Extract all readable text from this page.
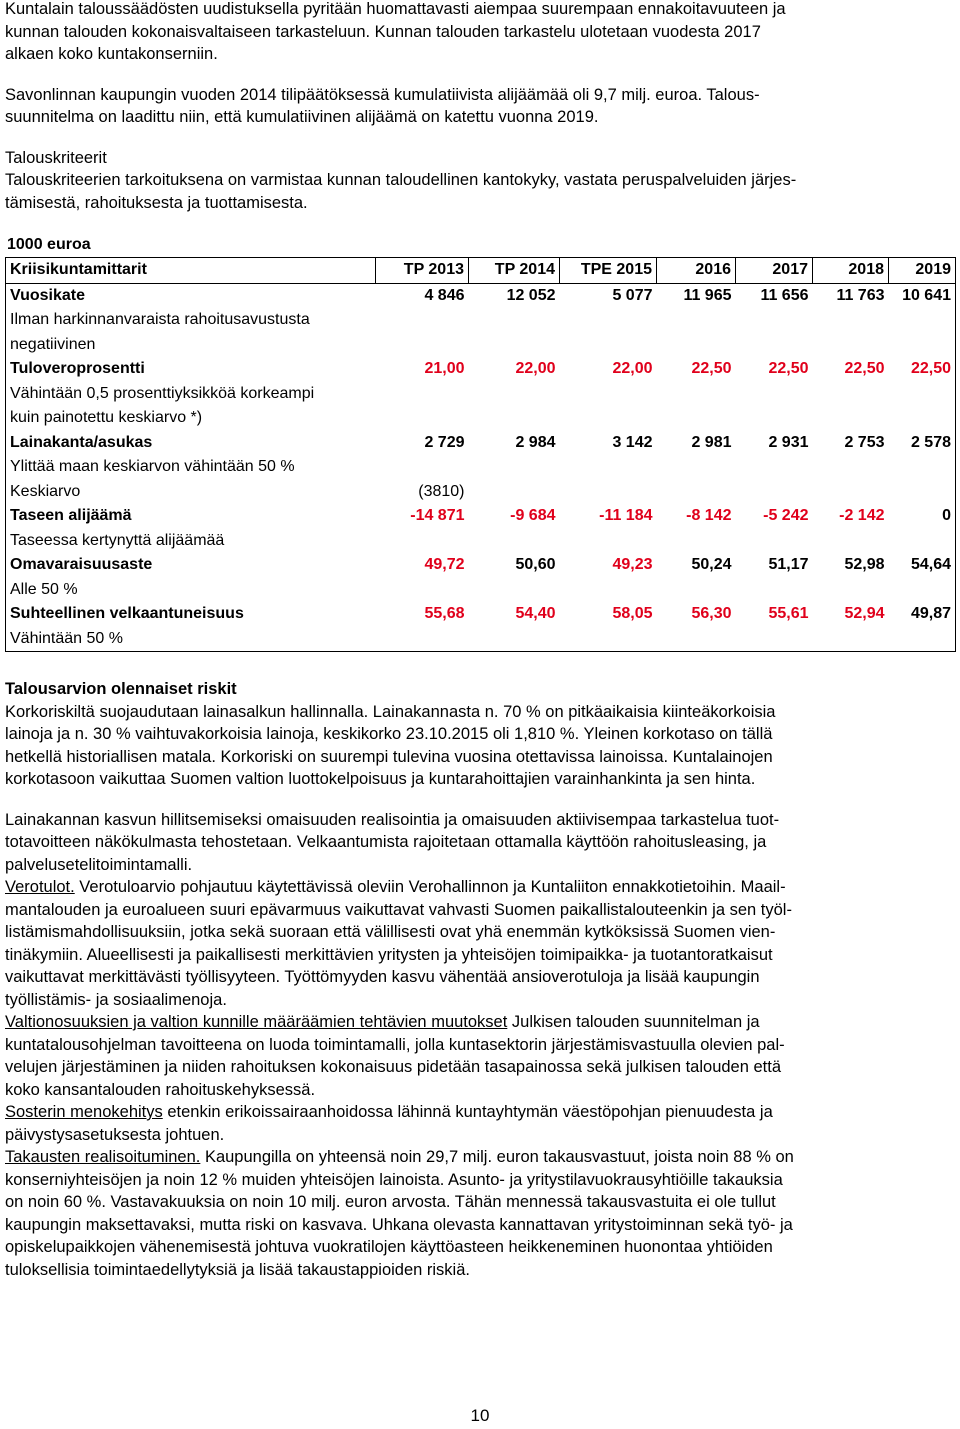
Kuntalain taloussäädösten uudistuksella pyritään huomattavasti aiempaa suurempaan ennakoitavuuteen ja
kunnan talouden kokonaisvaltaiseen tarkasteluun. Kunnan talouden tarkastelu ulotetaan vuodesta 2017
alkaen koko kuntakonserniin.

Savonlinnan kaupungin vuoden 2014 tilipäätöksessä kumulatiivista alijäämää oli 9,7 milj. euroa. Talous-
suunnitelma on laadittu niin, että kumulatiivinen alijäämä on katettu vuonna 2019.

Talouskriteerit
Talouskriteerien tarkoituksena on varmistaa kunnan taloudellinen kantokyky, vastata peruspalveluiden järjes-
tämisestä, rahoituksesta ja tuottamisesta.

1000 euroa
Kriisikuntamittarit	TP 2013	TP 2014	TPE 2015	2016	2017	2018	2019
Vuosikate	4 846	12 052	5 077	11 965	11 656	11 763	10 641
Ilman harkinnanvaraista rahoitusavustusta							
negatiivinen							
Tuloveroprosentti	21,00	22,00	22,00	22,50	22,50	22,50	22,50
Vähintään 0,5 prosenttiyksikköä korkeampi							
kuin painotettu keskiarvo *)							
Lainakanta/asukas	2 729	2 984	3 142	2 981	2 931	2 753	2 578
Ylittää maan keskiarvon vähintään 50 %							
Keskiarvo	(3810)						
Taseen alijäämä	-14 871	-9 684	-11 184	-8 142	-5 242	-2 142	0
Taseessa kertynyttä alijäämää							
Omavaraisuusaste	49,72	50,60	49,23	50,24	51,17	52,98	54,64
Alle 50 %							
Suhteellinen velkaantuneisuus	55,68	54,40	58,05	56,30	55,61	52,94	49,87
Vähintään 50 %							

Talousarvion olennaiset riskit
Korkoriskiltä suojaudutaan lainasalkun hallinnalla. Lainakannasta n. 70 % on pitkäaikaisia kiinteäkorkoisia
lainoja ja n. 30 % vaihtuvakorkoisia lainoja, keskikorko 23.10.2015 oli 1,810 %. Yleinen korkotaso on tällä
hetkellä historiallisen matala. Korkoriski on suurempi tulevina vuosina otettavissa lainoissa. Kuntalainojen
korkotasoon vaikuttaa Suomen valtion luottokelpoisuus ja kuntarahoittajien varainhankinta ja sen hinta.

Lainakannan kasvun hillitsemiseksi omaisuuden realisointia ja omaisuuden aktiivisempaa tarkastelua tuot-
totavoitteen näkökulmasta tehostetaan. Velkaantumista rajoitetaan ottamalla käyttöön rahoitusleasing, ja
palvelusetelitoimintamalli.

Verotulot. Verotuloarvio pohjautuu käytettävissä oleviin Verohallinnon ja Kuntaliiton ennakkotietoihin. Maail-
mantalouden ja euroalueen suuri epävarmuus vaikuttavat vahvasti Suomen paikallistalouteenkin ja sen työl-
listämismahdollisuuksiin, jotka sekä suoraan että välillisesti ovat yhä enemmän kytköksissä Suomen vien-
tinäkymiin. Alueellisesti ja paikallisesti merkittävien yritysten ja yhteisöjen toimipaikka- ja tuotantoratkaisut
vaikuttavat merkittävästi työllisyyteen. Työttömyyden kasvu vähentää ansioverotuloja ja lisää kaupungin
työllistämis- ja sosiaalimenoja.

Valtionosuuksien ja valtion kunnille määräämien tehtävien muutokset Julkisen talouden suunnitelman ja
kuntatalousohjelman tavoitteena on luoda toimintamalli, jolla kuntasektorin järjestämisvastuulla olevien pal-
velujen järjestäminen ja niiden rahoituksen kokonaisuus pidetään tasapainossa sekä julkisen talouden että
koko kansantalouden rahoituskehyksessä.

Sosterin menokehitys etenkin erikoissairaanhoidossa lähinnä kuntayhtymän väestöpohjan pienuudesta ja
päivystysasetuksesta johtuen.

Takausten realisoituminen. Kaupungilla on yhteensä noin 29,7 milj. euron takausvastuut, joista noin 88 % on
konserniyhteisöjen ja noin 12 % muiden yhteisöjen lainoista. Asunto- ja yritystilavuokrausyhtiöille takauksia
on noin 60 %. Vastavakuuksia on noin 10 milj. euron arvosta. Tähän mennessä takausvastuita ei ole tullut
kaupungin maksettavaksi, mutta riski on kasvava. Uhkana olevasta kannattavan yritystoiminnan sekä työ- ja
opiskelupaikkojen vähenemisestä johtuva vuokratilojen käyttöasteen heikkeneminen huonontaa yhtiöiden
tuloksellisia toimintaedellytyksiä ja lisää takaustappioiden riskiä.

10
